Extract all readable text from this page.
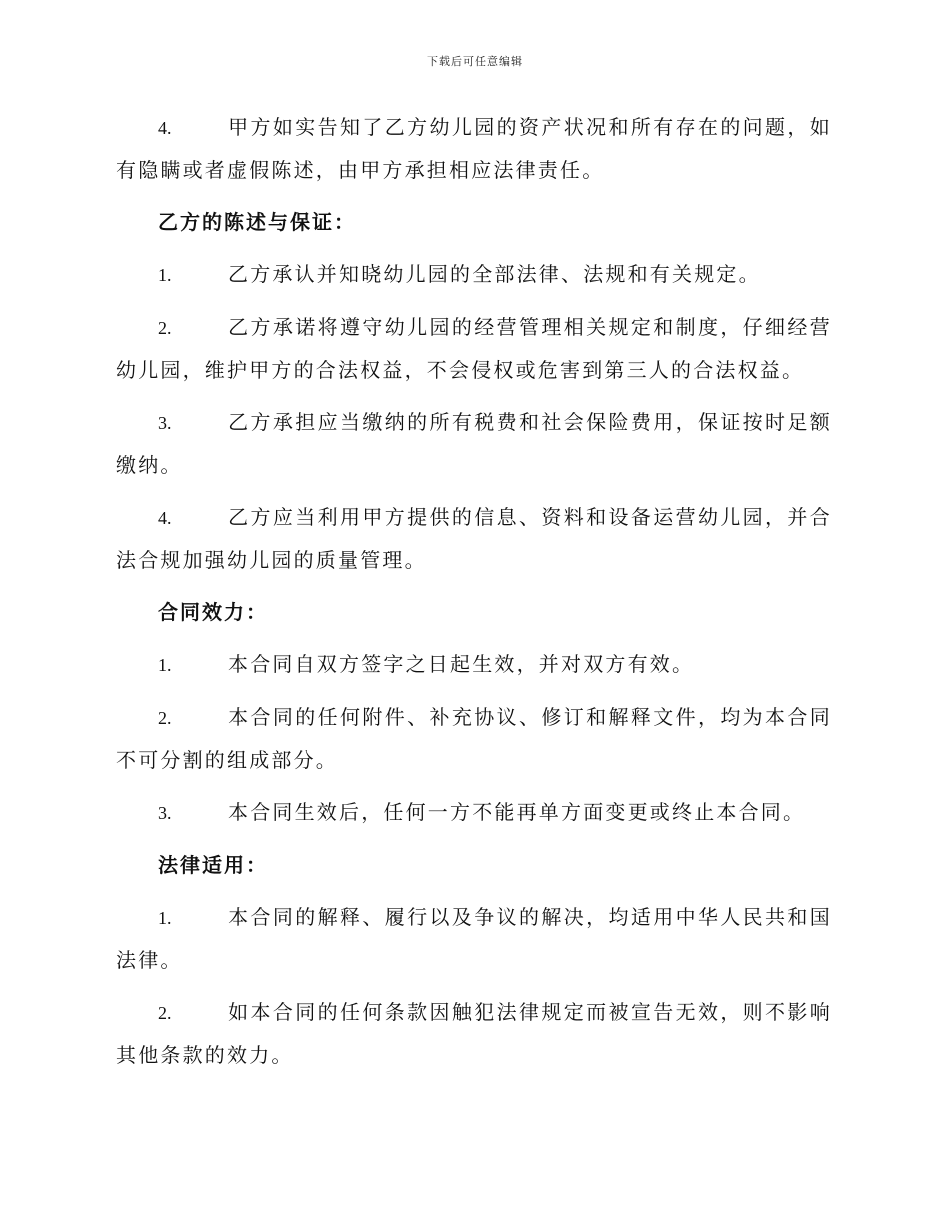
下载后可任意编辑
4.	甲方如实告知了乙方幼儿园的资产状况和所有存在的问题，如有隐瞒或者虚假陈述，由甲方承担相应法律责任。
乙方的陈述与保证：
1.	乙方承认并知晓幼儿园的全部法律、法规和有关规定。
2.	乙方承诺将遵守幼儿园的经营管理相关规定和制度，仔细经营幼儿园，维护甲方的合法权益，不会侵权或危害到第三人的合法权益。
3.	乙方承担应当缴纳的所有税费和社会保险费用，保证按时足额缴纳。
4.	乙方应当利用甲方提供的信息、资料和设备运营幼儿园，并合法合规加强幼儿园的质量管理。
合同效力：
1.	本合同自双方签字之日起生效，并对双方有效。
2.	本合同的任何附件、补充协议、修订和解释文件，均为本合同不可分割的组成部分。
3.	本合同生效后，任何一方不能再单方面变更或终止本合同。
法律适用：
1.	本合同的解释、履行以及争议的解决，均适用中华人民共和国法律。
2.	如本合同的任何条款因触犯法律规定而被宣告无效，则不影响其他条款的效力。
